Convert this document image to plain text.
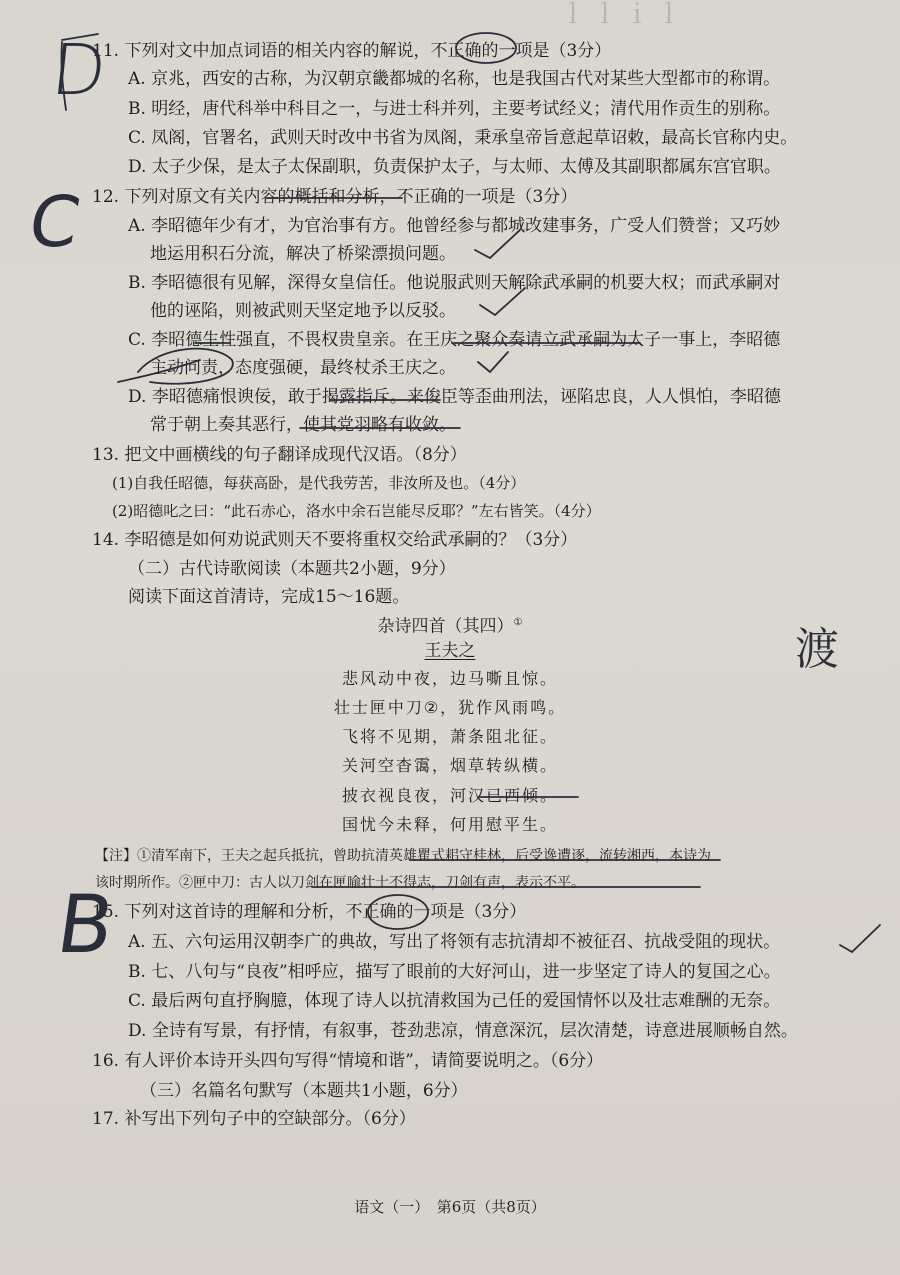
11. 下列对文中加点词语的相关内容的解说，不正确的一项是（3分）
A. 京兆，西安的古称，为汉朝京畿都城的名称，也是我国古代对某些大型都市的称谓。
B. 明经，唐代科举中科目之一，与进士科并列，主要考试经义；清代用作贡生的别称。
C. 凤阁，官署名，武则天时改中书省为凤阁，秉承皇帝旨意起草诏敕，最高长官称内史。
D. 太子少保，是太子太保副职，负责保护太子，与太师、太傅及其副职都属东宫官职。
12. 下列对原文有关内容的概括和分析，不正确的一项是（3分）
A. 李昭德年少有才，为官治事有方。他曾经参与都城改建事务，广受人们赞誉；又巧妙
地运用积石分流，解决了桥梁漂损问题。
B. 李昭德很有见解，深得女皇信任。他说服武则天解除武承嗣的机要大权；而武承嗣对
他的诬陷，则被武则天坚定地予以反驳。
C. 李昭德生性强直，不畏权贵皇亲。在王庆之聚众奏请立武承嗣为太子一事上，李昭德
主动问责，态度强硬，最终杖杀王庆之。
D. 李昭德痛恨谀佞，敢于揭露指斥。来俊臣等歪曲刑法，诬陷忠良，人人惧怕，李昭德
常于朝上奏其恶行，使其党羽略有收敛。
13. 把文中画横线的句子翻译成现代汉语。（8分）
(1)自我任昭德，每获高卧，是代我劳苦，非汝所及也。（4分）
(2)昭德叱之曰：“此石赤心，洛水中余石岂能尽反耶？”左右皆笑。（4分）
14. 李昭德是如何劝说武则天不要将重权交给武承嗣的？（3分）
（二）古代诗歌阅读（本题共2小题，9分）
阅读下面这首清诗，完成15～16题。
杂诗四首（其四）①
王夫之
悲风动中夜，边马嘶且惊。
壮士匣中刀②，犹作风雨鸣。
飞将不见期，萧条阻北征。
关河空杳霭，烟草转纵横。
披衣视良夜，河汉已西倾。
国忧今未释，何用慰平生。
【注】①清军南下，王夫之起兵抵抗，曾助抗清英雄瞿式耜守桂林，后受谗遭逐，流转湘西，本诗为
该时期所作。②匣中刀：古人以刀剑在匣喻壮士不得志，刀剑有声，表示不平。
15. 下列对这首诗的理解和分析，不正确的一项是（3分）
A. 五、六句运用汉朝李广的典故，写出了将领有志抗清却不被征召、抗战受阻的现状。
B. 七、八句与“良夜”相呼应，描写了眼前的大好河山，进一步坚定了诗人的复国之心。
C. 最后两句直抒胸臆，体现了诗人以抗清救国为己任的爱国情怀以及壮志难酬的无奈。
D. 全诗有写景，有抒情，有叙事，苍劲悲凉，情意深沉，层次清楚，诗意进展顺畅自然。
16. 有人评价本诗开头四句写得“情境和谐”，请简要说明之。（6分）
（三）名篇名句默写（本题共1小题，6分）
17. 补写出下列句子中的空缺部分。（6分）
语文（一）　第6页（共8页）
D
C
B
渡
ｌｌｉｌ
